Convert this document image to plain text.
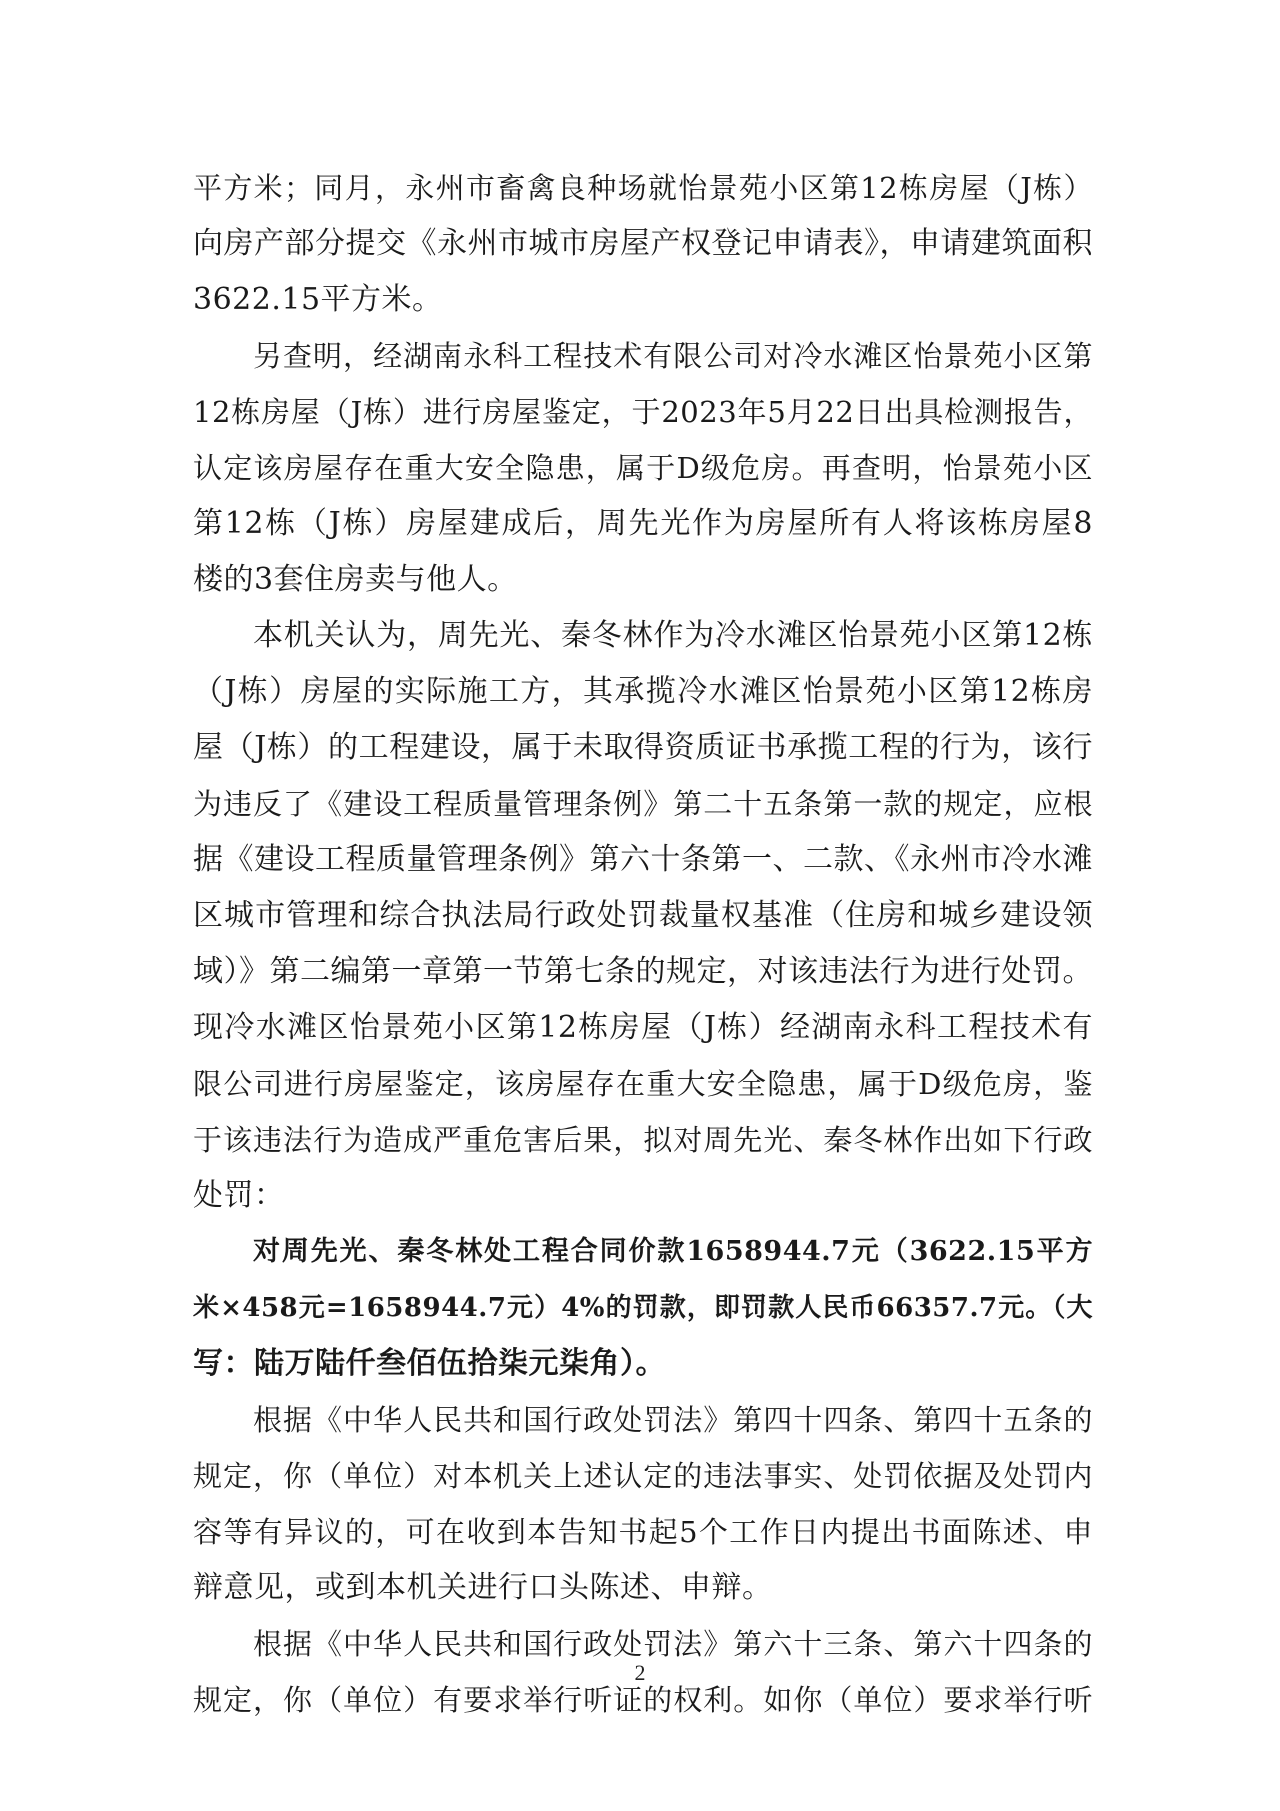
平方米；同月，永州市畜禽良种场就怡景苑小区第12栋房屋（J栋）
向房产部分提交《永州市城市房屋产权登记申请表》，申请建筑面积
3622.15平方米。
另查明，经湖南永科工程技术有限公司对冷水滩区怡景苑小区第
12栋房屋（J栋）进行房屋鉴定，于2023年5月22日出具检测报告，
认定该房屋存在重大安全隐患，属于D级危房。再查明，怡景苑小区
第12栋（J栋）房屋建成后，周先光作为房屋所有人将该栋房屋8
楼的3套住房卖与他人。
本机关认为，周先光、秦冬林作为冷水滩区怡景苑小区第12栋
（J栋）房屋的实际施工方，其承揽冷水滩区怡景苑小区第12栋房
屋（J栋）的工程建设，属于未取得资质证书承揽工程的行为，该行
为违反了《建设工程质量管理条例》第二十五条第一款的规定，应根
据《建设工程质量管理条例》第六十条第一、二款、《永州市冷水滩
区城市管理和综合执法局行政处罚裁量权基准（住房和城乡建设领
域）》第二编第一章第一节第七条的规定，对该违法行为进行处罚。
现冷水滩区怡景苑小区第12栋房屋（J栋）经湖南永科工程技术有
限公司进行房屋鉴定，该房屋存在重大安全隐患，属于D级危房，鉴
于该违法行为造成严重危害后果，拟对周先光、秦冬林作出如下行政
处罚：
对周先光、秦冬林处工程合同价款1658944.7元（3622.15平方
米×458元=1658944.7元）4%的罚款，即罚款人民币66357.7元。（大
写：陆万陆仟叁佰伍拾柒元柒角）。
根据《中华人民共和国行政处罚法》第四十四条、第四十五条的
规定，你（单位）对本机关上述认定的违法事实、处罚依据及处罚内
容等有异议的，可在收到本告知书起5个工作日内提出书面陈述、申
辩意见，或到本机关进行口头陈述、申辩。
根据《中华人民共和国行政处罚法》第六十三条、第六十四条的
规定，你（单位）有要求举行听证的权利。如你（单位）要求举行听
2
